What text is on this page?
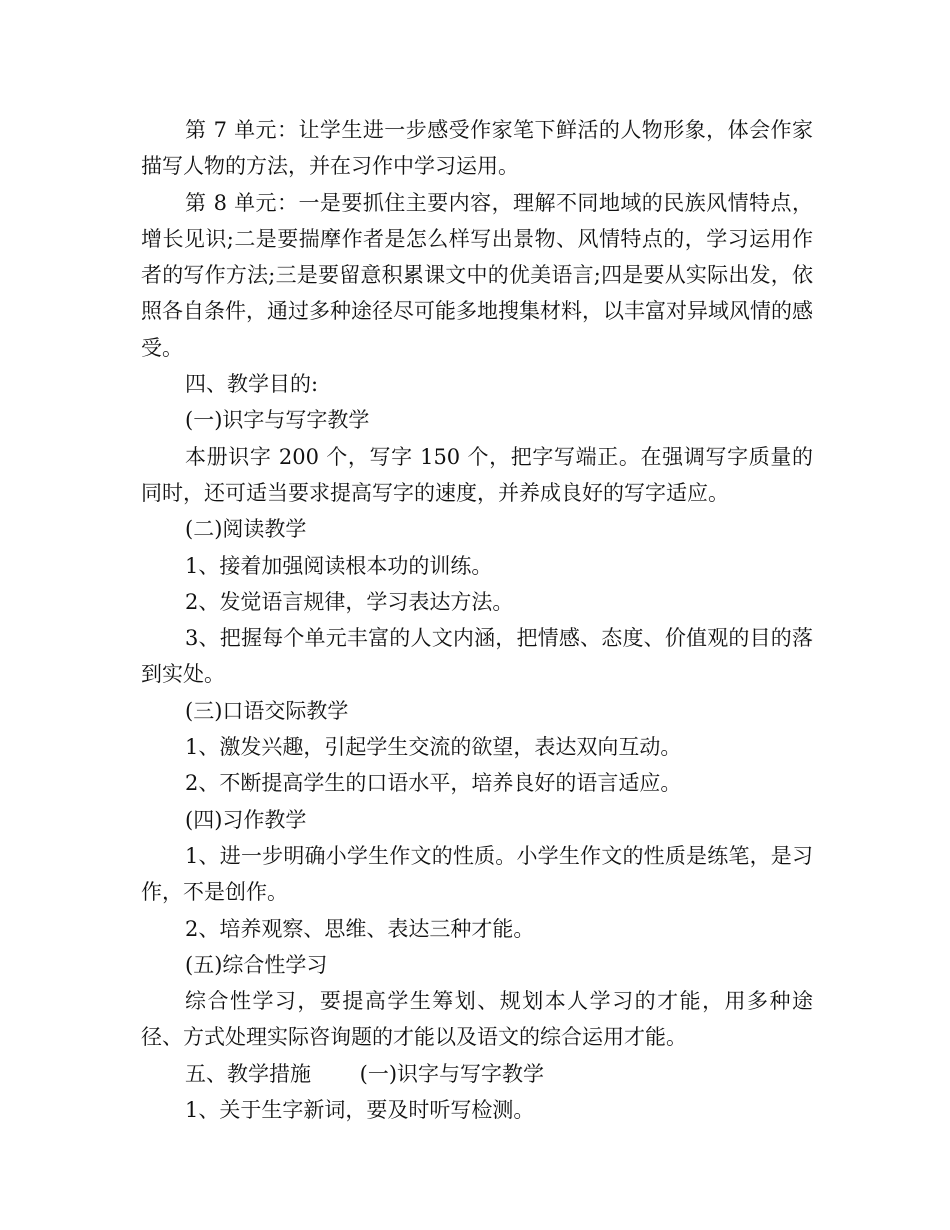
第 7 单元：让学生进一步感受作家笔下鲜活的人物形象，体会作家描写人物的方法，并在习作中学习运用。

第 8 单元：一是要抓住主要内容，理解不同地域的民族风情特点，增长见识;二是要揣摩作者是怎么样写出景物、风情特点的，学习运用作者的写作方法;三是要留意积累课文中的优美语言;四是要从实际出发，依照各自条件，通过多种途径尽可能多地搜集材料，以丰富对异域风情的感受。

四、教学目的:

(一)识字与写字教学

本册识字 200 个，写字 150 个，把字写端正。在强调写字质量的同时，还可适当要求提高写字的速度，并养成良好的写字适应。

(二)阅读教学

1、接着加强阅读根本功的训练。

2、发觉语言规律，学习表达方法。

3、把握每个单元丰富的人文内涵，把情感、态度、价值观的目的落到实处。

(三)口语交际教学

1、激发兴趣，引起学生交流的欲望，表达双向互动。

2、不断提高学生的口语水平，培养良好的语言适应。

(四)习作教学

1、进一步明确小学生作文的性质。小学生作文的性质是练笔，是习作，不是创作。

2、培养观察、思维、表达三种才能。

(五)综合性学习

综合性学习，要提高学生筹划、规划本人学习的才能，用多种途径、方式处理实际咨询题的才能以及语文的综合运用才能。

五、教学措施　　 (一)识字与写字教学

1、关于生字新词，要及时听写检测。
